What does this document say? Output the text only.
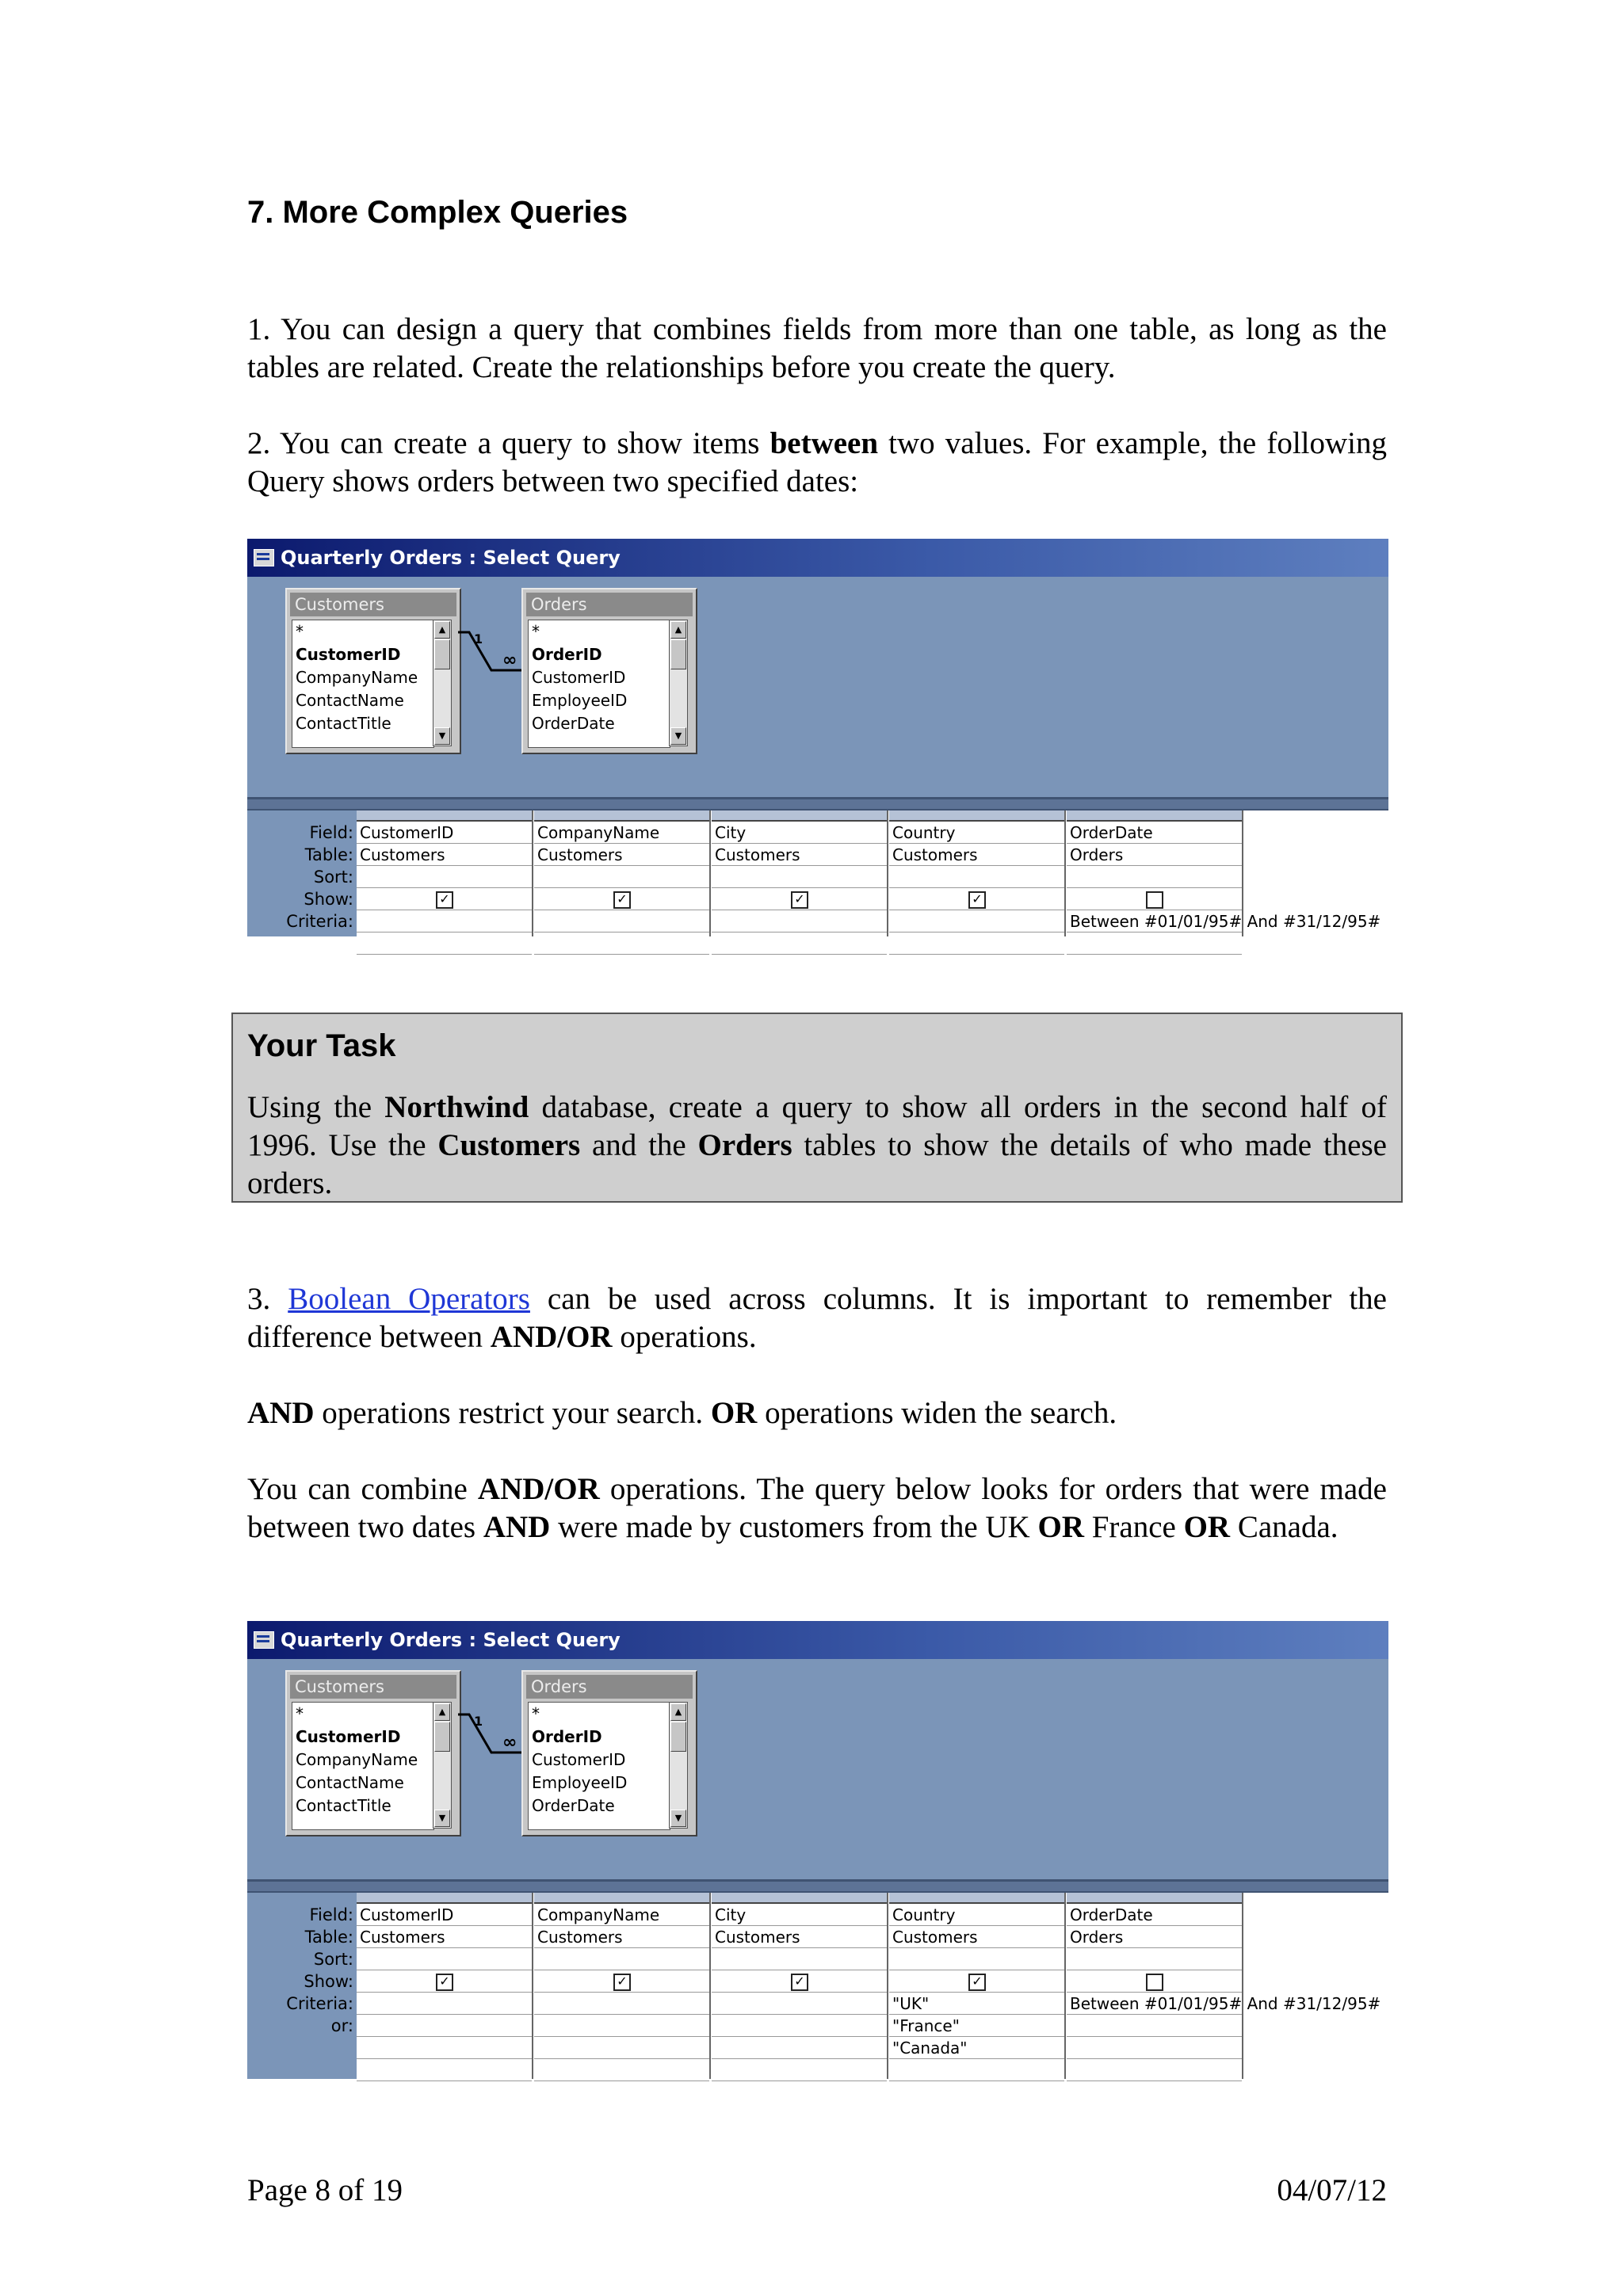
7. More Complex Queries
1. You can design a query that combines fields from more than one table, as long as the tables are related. Create the relationships before you create the query.
2. You can create a query to show items between two values. For example, the following Query shows orders between two specified dates:
Quarterly Orders : Select Query
Customers
*
CustomerID
CompanyName
ContactName
ContactTitle
▲
▼
1
∞
Orders
*
OrderID
CustomerID
EmployeeID
OrderDate
▲
▼
Field:
Table:
Sort:
Show:
Criteria:
CustomerID
Customers
✓
CompanyName
Customers
✓
City
Customers
✓
Country
Customers
✓
OrderDate
Orders
Between #01/01/95# And #31/12/95#
Your Task
Using the Northwind database, create a query to show all orders in the second half of 1996. Use the Customers and the Orders tables to show the details of who made these orders.
3. Boolean Operators can be used across columns. It is important to remember the difference between AND/OR operations.
AND operations restrict your search. OR operations widen the search.
You can combine AND/OR operations. The query below looks for orders that were made between two dates AND were made by customers from the UK OR France OR Canada.
Quarterly Orders : Select Query
Customers
*
CustomerID
CompanyName
ContactName
ContactTitle
▲
▼
1
∞
Orders
*
OrderID
CustomerID
EmployeeID
OrderDate
▲
▼
Field:
Table:
Sort:
Show:
Criteria:
or:
CustomerID
Customers
✓
CompanyName
Customers
✓
City
Customers
✓
Country
Customers
✓
"UK"
"France"
"Canada"
OrderDate
Orders
Between #01/01/95# And #31/12/95#
Page 8 of 19	04/07/12
